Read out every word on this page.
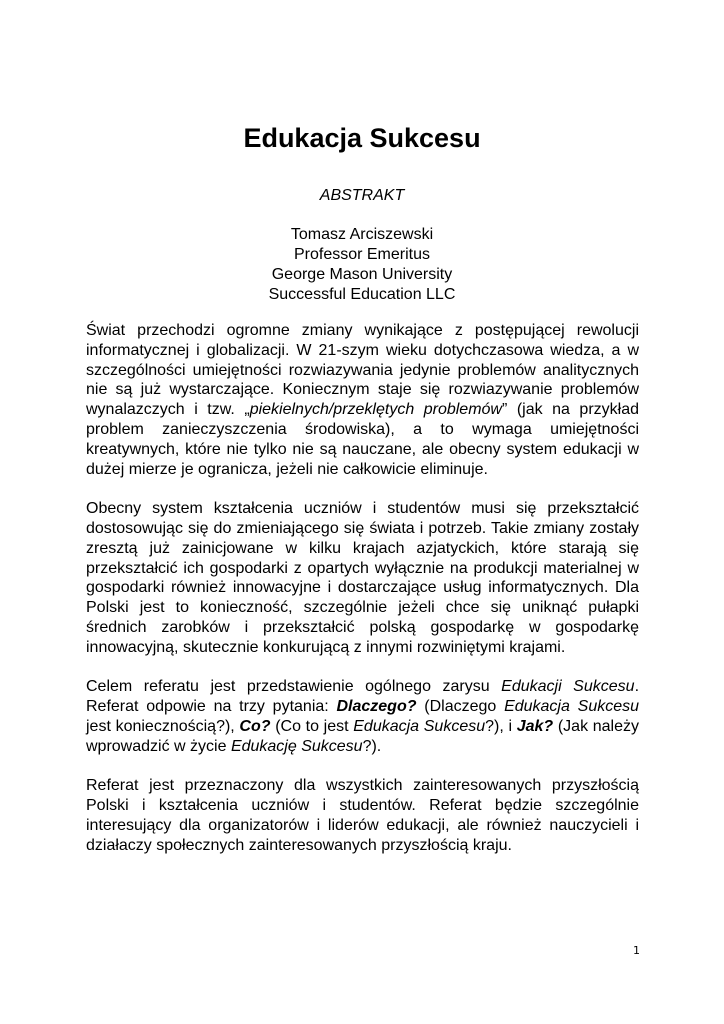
Edukacja Sukcesu
ABSTRAKT
Tomasz Arciszewski
Professor Emeritus
George Mason University
Successful Education LLC

Świat przechodzi ogromne zmiany wynikające z postępującej rewolucji informatycznej i globalizacji. W 21-szym wieku dotychczasowa wiedza, a w szczególności umiejętności rozwiazywania jedynie problemów analitycznych nie są już wystarczające. Koniecznym staje się rozwiazywanie problemów wynalazczych i tzw. „piekielnych/przeklętych problemów” (jak na przykład problem zanieczyszczenia środowiska), a to wymaga umiejętności kreatywnych, które nie tylko nie są nauczane, ale obecny system edukacji w dużej mierze je ogranicza, jeżeli nie całkowicie eliminuje.

Obecny system kształcenia uczniów i studentów musi się przekształcić dostosowując się do zmieniającego się świata i potrzeb. Takie zmiany zostały zresztą już zainicjowane w kilku krajach azjatyckich, które starają się przekształcić ich gospodarki z opartych wyłącznie na produkcji materialnej w gospodarki również innowacyjne i dostarczające usług informatycznych. Dla Polski jest to konieczność, szczególnie jeżeli chce się uniknąć pułapki średnich zarobków i przekształcić polską gospodarkę w gospodarkę innowacyjną, skutecznie konkurującą z innymi rozwiniętymi krajami.

Celem referatu jest przedstawienie ogólnego zarysu Edukacji Sukcesu. Referat odpowie na trzy pytania: Dlaczego? (Dlaczego Edukacja Sukcesu jest koniecznością?), Co? (Co to jest Edukacja Sukcesu?), i Jak? (Jak należy wprowadzić w życie Edukację Sukcesu?).

Referat jest przeznaczony dla wszystkich zainteresowanych przyszłością Polski i kształcenia uczniów i studentów. Referat będzie szczególnie interesujący dla organizatorów i liderów edukacji, ale również nauczycieli i działaczy społecznych zainteresowanych przyszłością kraju.

1
